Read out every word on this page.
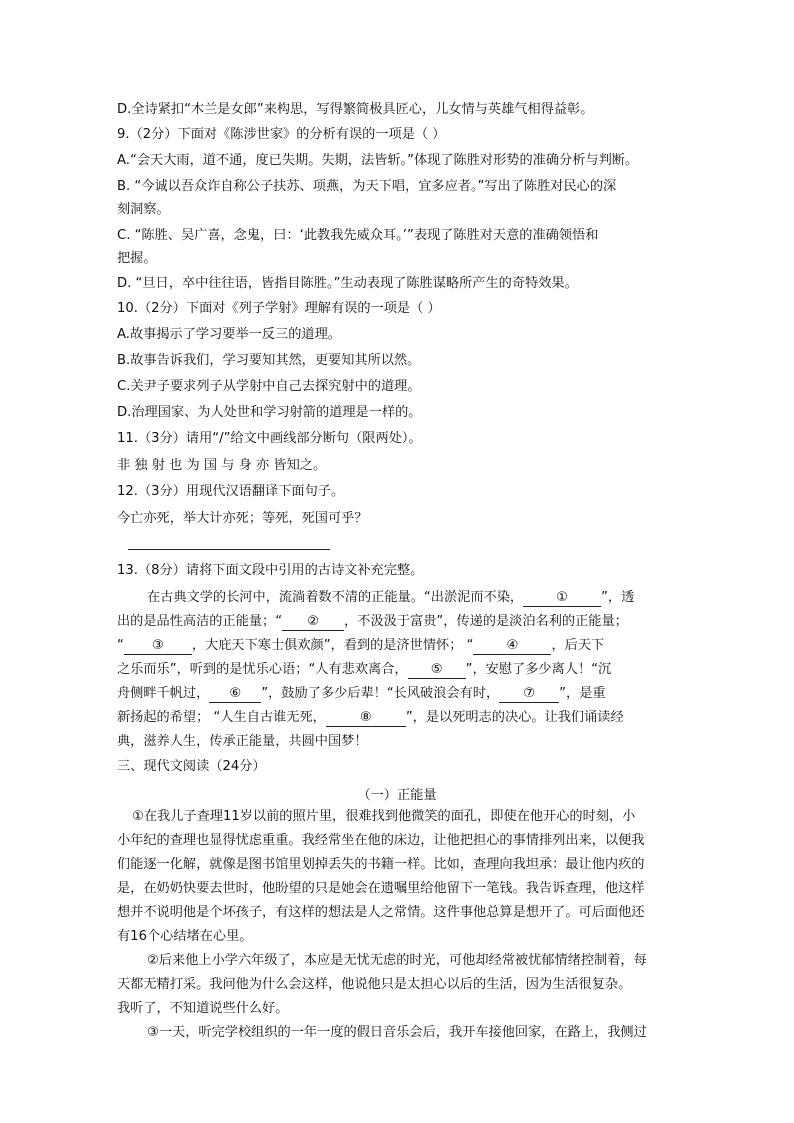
D.全诗紧扣“木兰是女郎”来构思，写得繁简极具匠心，儿女情与英雄气相得益彰。
9.（2分）下面对《陈涉世家》的分析有误的一项是（ ）
A.“会天大雨，道不通，度已失期。失期，法皆斩。”体现了陈胜对形势的准确分析与判断。
B. “今诚以吾众诈自称公子扶苏、项燕，为天下唱，宜多应者。”写出了陈胜对民心的深
刻洞察。
C. “陈胜、吴广喜，念鬼，曰：‘此教我先威众耳。’”表现了陈胜对天意的准确领悟和
把握。
D. “旦日，卒中往往语，皆指目陈胜。”生动表现了陈胜谋略所产生的奇特效果。
10.（2分）下面对《列子学射》理解有误的一项是（ ）
A.故事揭示了学习要举一反三的道理。
B.故事告诉我们，学习要知其然，更要知其所以然。
C.关尹子要求列子从学射中自己去探究射中的道理。
D.治理国家、为人处世和学习射箭的道理是一样的。
11.（3分）请用“/”给文中画线部分断句（限两处）。
非 独 射 也 为 国 与 身 亦 皆知之。
12.（3分）用现代汉语翻译下面句子。
今亡亦死，举大计亦死；等死，死国可乎？
13.（8分）请将下面文段中引用的古诗文补充完整。
在古典文学的长河中，流淌着数不清的正能量。“出淤泥而不染，	①	”，透
出的是品性高洁的正能量；“ ② ，不汲汲于富贵”，传递的是淡泊名利的正能量；
“ ③ ，大庇天下寒士俱欢颜”，看到的是济世情怀； “	④	，后天下
之乐而乐”，听到的是忧乐心语；“人有悲欢离合， ⑤ ”，安慰了多少离人！“沉
舟侧畔千帆过， ⑥ ”，鼓励了多少后辈！“长风破浪会有时， ⑦ ”，是重
新扬起的希望； “人生自古谁无死，	⑧	”，是以死明志的决心。让我们诵读经
典，滋养人生，传承正能量，共圆中国梦！
三、现代文阅读（24分）
（一）正能量
①在我儿子查理11岁以前的照片里，很难找到他微笑的面孔，即使在他开心的时刻，小
小年纪的查理也显得忧虑重重。我经常坐在他的床边，让他把担心的事情排列出来，以便我
们能逐一化解，就像是图书馆里划掉丢失的书籍一样。比如，查理向我坦承：最让他内疚的
是，在奶奶快要去世时，他盼望的只是她会在遗嘱里给他留下一笔钱。我告诉查理，他这样
想并不说明他是个坏孩子，有这样的想法是人之常情。这件事他总算是想开了。可后面他还
有16个心结堵在心里。
②后来他上小学六年级了，本应是无忧无虑的时光，可他却经常被忧郁情绪控制着，每
天都无精打采。我问他为什么会这样，他说他只是太担心以后的生活，因为生活很复杂。
我听了，不知道说些什么好。
③一天，听完学校组织的一年一度的假日音乐会后，我开车接他回家，在路上，我侧过
